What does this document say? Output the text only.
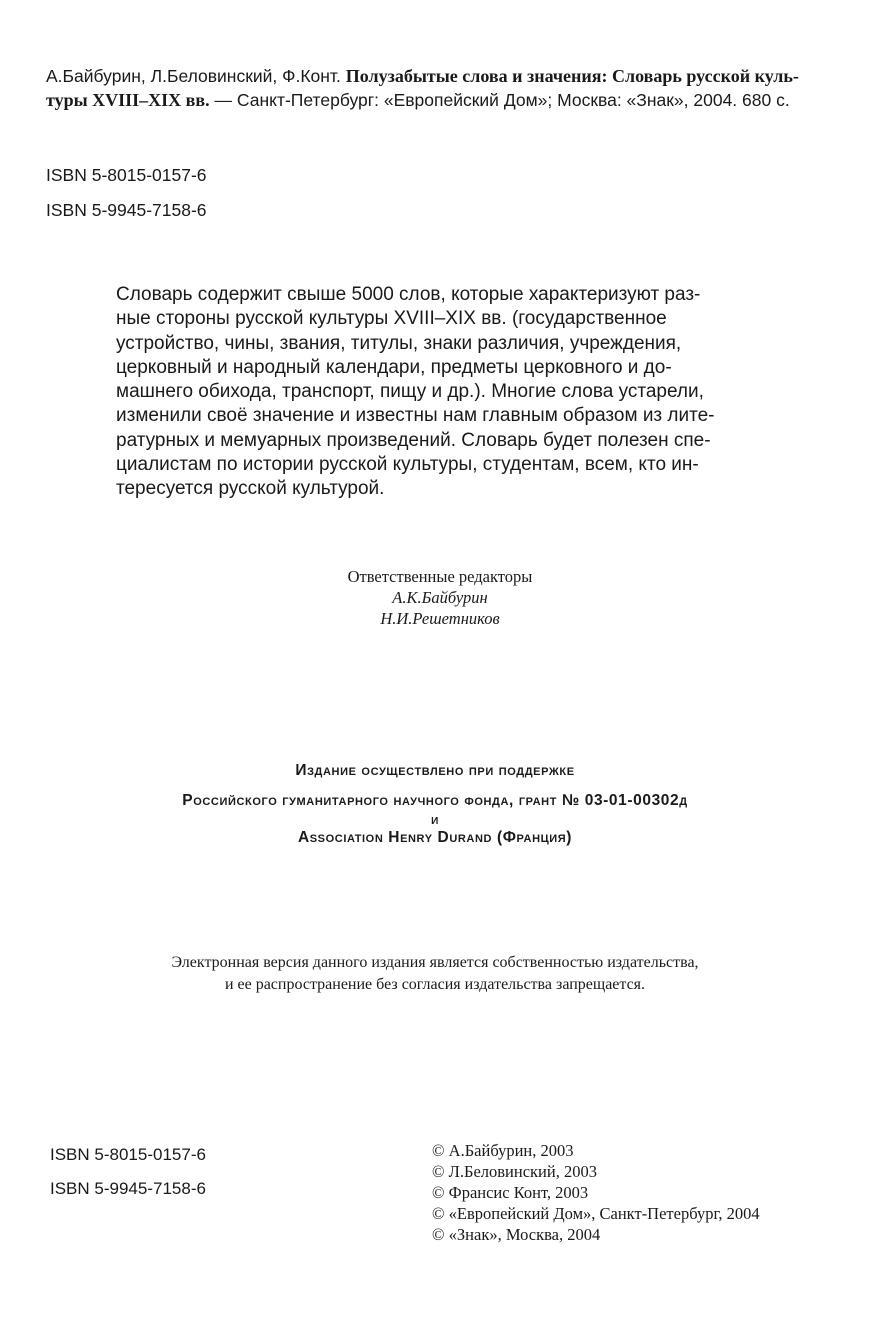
А.Байбурин, Л.Беловинский, Ф.Конт. Полузабытые слова и значения: Словарь русской куль-
туры XVIII–XIX вв. — Санкт-Петербург: «Европейский Дом»; Москва: «Знак», 2004. 680 с.
ISBN 5-8015-0157-6
ISBN 5-9945-7158-6
Словарь содержит свыше 5000 слов, которые характеризуют раз-
ные стороны русской культуры XVIII–XIX вв. (государственное
устройство, чины, звания, титулы, знаки различия, учреждения,
церковный и народный календари, предметы церковного и до-
машнего обихода, транспорт, пищу и др.). Многие слова устарели,
изменили своё значение и известны нам главным образом из лите-
ратурных и мемуарных произведений. Словарь будет полезен спе-
циалистам по истории русской культуры, студентам, всем, кто ин-
тересуется русской культурой.
Ответственные редакторы
А.К.Байбурин
Н.И.Решетников
Издание осуществлено при поддержке
Российского гуманитарного научного фонда, грант № 03-01-00302д
и
Association Henry Durand (Франция)
Электронная версия данного издания является собственностью издательства,
и ее распространение без согласия издательства запрещается.
ISBN 5-8015-0157-6
ISBN 5-9945-7158-6
© А.Байбурин, 2003
© Л.Беловинский, 2003
© Франсис Конт, 2003
© «Европейский Дом», Санкт-Петербург, 2004
© «Знак», Москва, 2004
